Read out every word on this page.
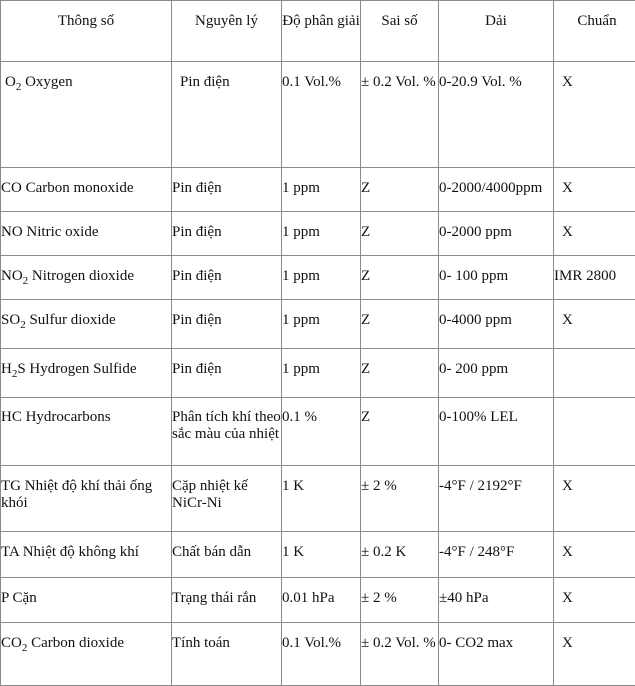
Thông số	Nguyên lý	Độ phân giải	Sai số	Dải	Chuẩn
$O_2$ Oxygen	Pin điện	0.1 Vol.%	± 0.2 Vol. %	0-20.9 Vol. %	X
CO Carbon monoxide	Pin điện	1 ppm	Z	0-2000/4000ppm	X
NO Nitric oxide	Pin điện	1 ppm	Z	0-2000 ppm	X
$NO_2$ Nitrogen dioxide	Pin điện	1 ppm	Z	0- 100 ppm	IMR 2800
$SO_2$ Sulfur dioxide	Pin điện	1 ppm	Z	0-4000 ppm	X
$H_2S$ Hydrogen Sulfide	Pin điện	1 ppm	Z	0- 200 ppm	
HC Hydrocarbons	Phân tích khí theo sắc màu của nhiệt	0.1 %	Z	0-100% LEL	
TG Nhiệt độ khí thải ống khói	Cặp nhiệt kế NiCr-Ni	1 K	± 2 %	-4°F / 2192°F	X
TA Nhiệt độ không khí	Chất bán dẫn	1 K	± 0.2 K	-4°F / 248°F	X
P Cặn	Trạng thái rắn	0.01 hPa	± 2 %	±40 hPa	X
$CO_2$ Carbon dioxide	Tính toán	0.1 Vol.%	± 0.2 Vol. %	0- CO2 max	X
